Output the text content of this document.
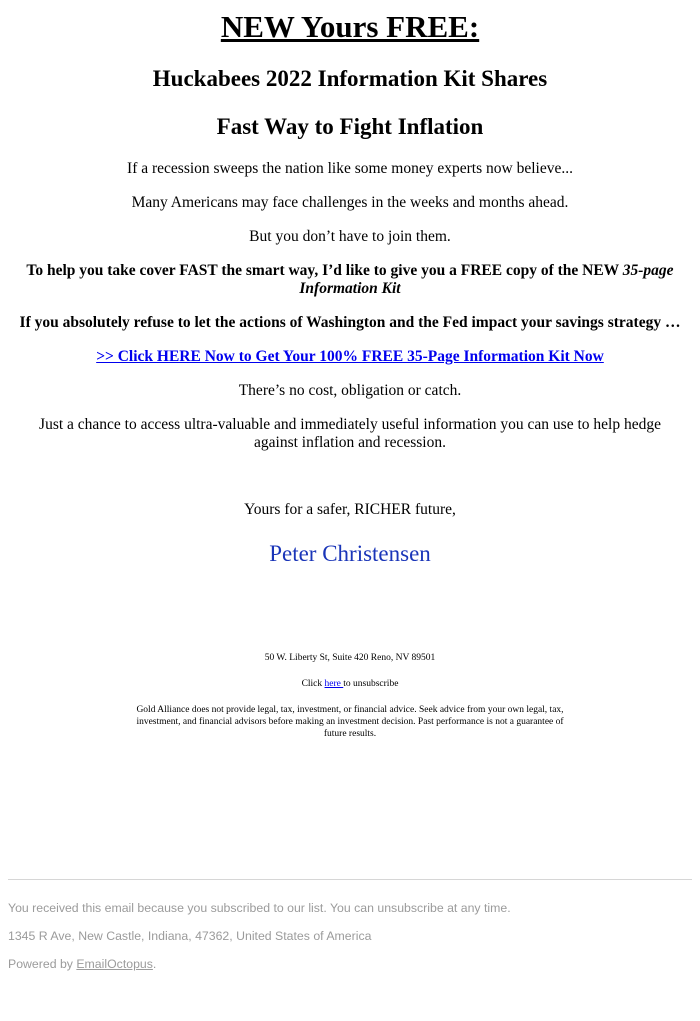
NEW Yours FREE:
Huckabees 2022 Information Kit Shares
Fast Way to Fight Inflation

If a recession sweeps the nation like some money experts now believe...

Many Americans may face challenges in the weeks and months ahead.

But you don’t have to join them.

To help you take cover FAST the smart way, I’d like to give you a FREE copy of the NEW 35-page Information Kit

If you absolutely refuse to let the actions of Washington and the Fed impact your savings strategy …

>> Click HERE Now to Get Your 100% FREE 35-Page Information Kit Now

There’s no cost, obligation or catch.

Just a chance to access ultra-valuable and immediately useful information you can use to help hedge against inflation and recession.

Yours for a safer, RICHER future,

Peter Christensen

50 W. Liberty St, Suite 420 Reno, NV 89501

Click here to unsubscribe

Gold Alliance does not provide legal, tax, investment, or financial advice. Seek advice from your own legal, tax, investment, and financial advisors before making an investment decision. Past performance is not a guarantee of future results.

You received this email because you subscribed to our list. You can unsubscribe at any time.

1345 R Ave, New Castle, Indiana, 47362, United States of America

Powered by EmailOctopus.
